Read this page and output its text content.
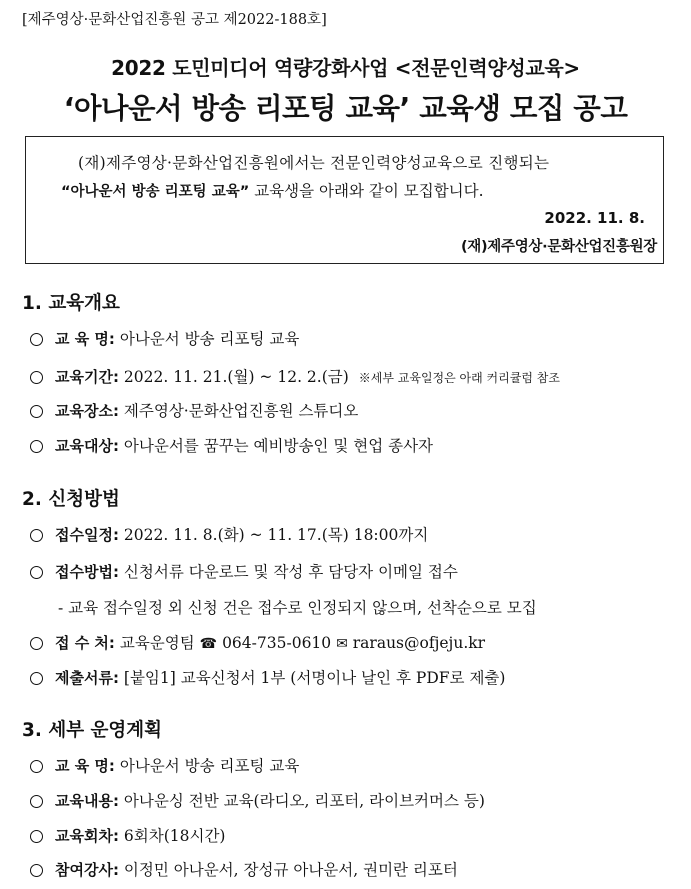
[제주영상·문화산업진흥원 공고 제2022-188호]
2022 도민미디어 역량강화사업 <전문인력양성교육>
‘아나운서 방송 리포팅 교육’ 교육생 모집 공고
(재)제주영상·문화산업진흥원에서는 전문인력양성교육으로 진행되는
“아나운서 방송 리포팅 교육” 교육생을 아래와 같이 모집합니다.
2022. 11. 8.
(재)제주영상·문화산업진흥원장
1. 교육개요
교 육 명: 아나운서 방송 리포팅 교육
교육기간: 2022. 11. 21.(월) ~ 12. 2.(금) ※세부 교육일정은 아래 커리큘럼 참조
교육장소: 제주영상·문화산업진흥원 스튜디오
교육대상: 아나운서를 꿈꾸는 예비방송인 및 현업 종사자
2. 신청방법
접수일정: 2022. 11. 8.(화) ~ 11. 17.(목) 18:00까지
접수방법: 신청서류 다운로드 및 작성 후 담당자 이메일 접수
- 교육 접수일정 외 신청 건은 접수로 인정되지 않으며, 선착순으로 모집
접 수 처: 교육운영팀 ☎ 064-735-0610 ✉ raraus@ofjeju.kr
제출서류: [붙임1] 교육신청서 1부 (서명이나 날인 후 PDF로 제출)
3. 세부 운영계획
교 육 명: 아나운서 방송 리포팅 교육
교육내용: 아나운싱 전반 교육(라디오, 리포터, 라이브커머스 등)
교육회차: 6회차(18시간)
참여강사: 이정민 아나운서, 장성규 아나운서, 권미란 리포터
